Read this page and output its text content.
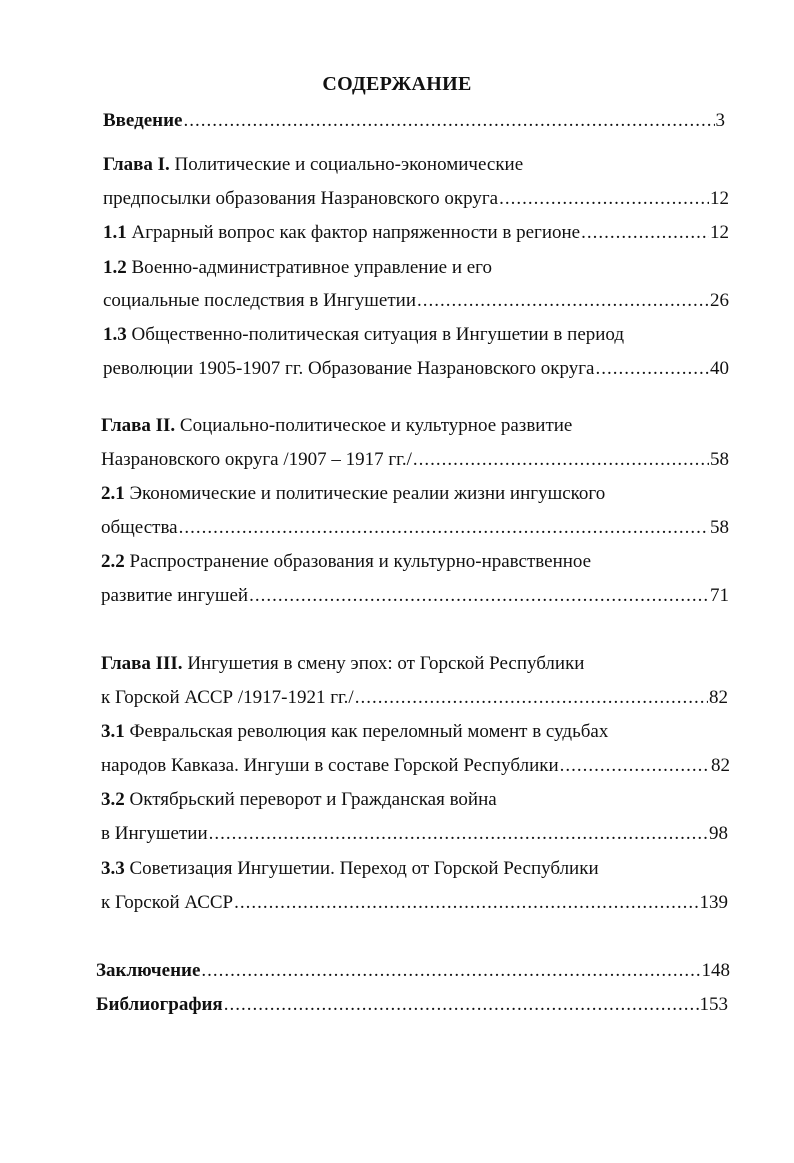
СОДЕРЖАНИЕ
Введение .....	3
Глава I. Политические и социально-экономические
предпосылки образования Назрановского округа .....	12
1.1 Аграрный вопрос как фактор напряженности в регионе .....	12
1.2 Военно-административное управление и его
социальные последствия в Ингушетии .....	26
1.3 Общественно-политическая ситуация в Ингушетии в период
революции 1905-1907 гг. Образование Назрановского округа .....	40
Глава II. Социально-политическое и культурное развитие
Назрановского округа /1907 – 1917 гг./ .....	58
2.1 Экономические и политические реалии жизни ингушского
общества .....	58
2.2 Распространение образования и культурно-нравственное
развитие ингушей .....	71
Глава III. Ингушетия в смену эпох: от Горской Республики
к Горской АССР /1917-1921 гг./ .....	82
3.1 Февральская революция как переломный момент в судьбах
народов Кавказа. Ингуши в составе Горской Республики .....	82
3.2 Октябрьский переворот и Гражданская война
в Ингушетии .....	98
3.3 Советизация Ингушетии. Переход от Горской Республики
к Горской АССР .....	139
Заключение .....	148
Библиография .....	153
